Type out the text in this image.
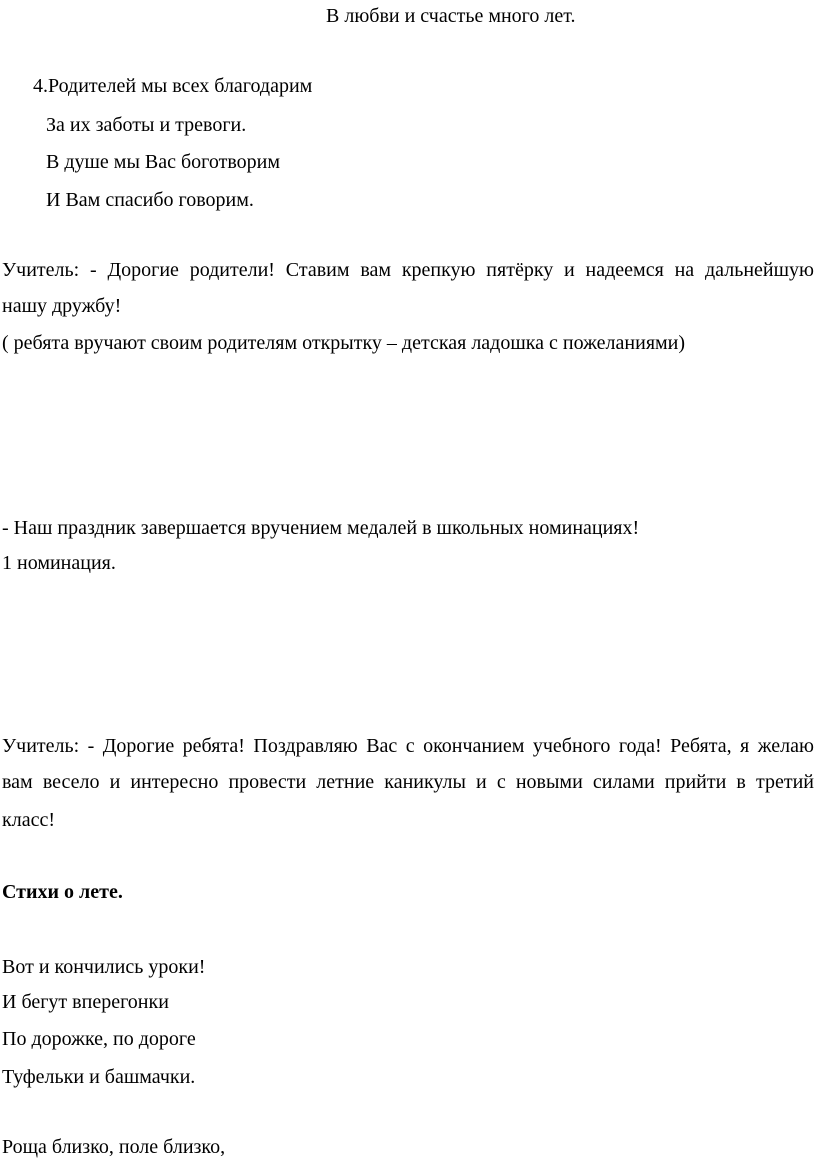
В любви и счастье много лет.
4.Родителей мы всех благодарим
За их заботы и тревоги.
В душе мы Вас боготворим
И Вам спасибо говорим.
Учитель: - Дорогие родители! Ставим вам крепкую пятёрку и надеемся на дальнейшую
нашу дружбу!
( ребята вручают своим родителям открытку – детская ладошка с пожеланиями)
- Наш праздник завершается вручением медалей в школьных номинациях!
1 номинация.
Учитель: - Дорогие ребята! Поздравляю Вас с окончанием учебного года! Ребята, я желаю
вам весело и интересно провести летние каникулы и с новыми силами прийти в третий
класс!
Стихи о лете.
Вот и кончились уроки!
И бегут вперегонки
По дорожке, по дороге
Туфельки и башмачки.
Роща близко, поле близко,
